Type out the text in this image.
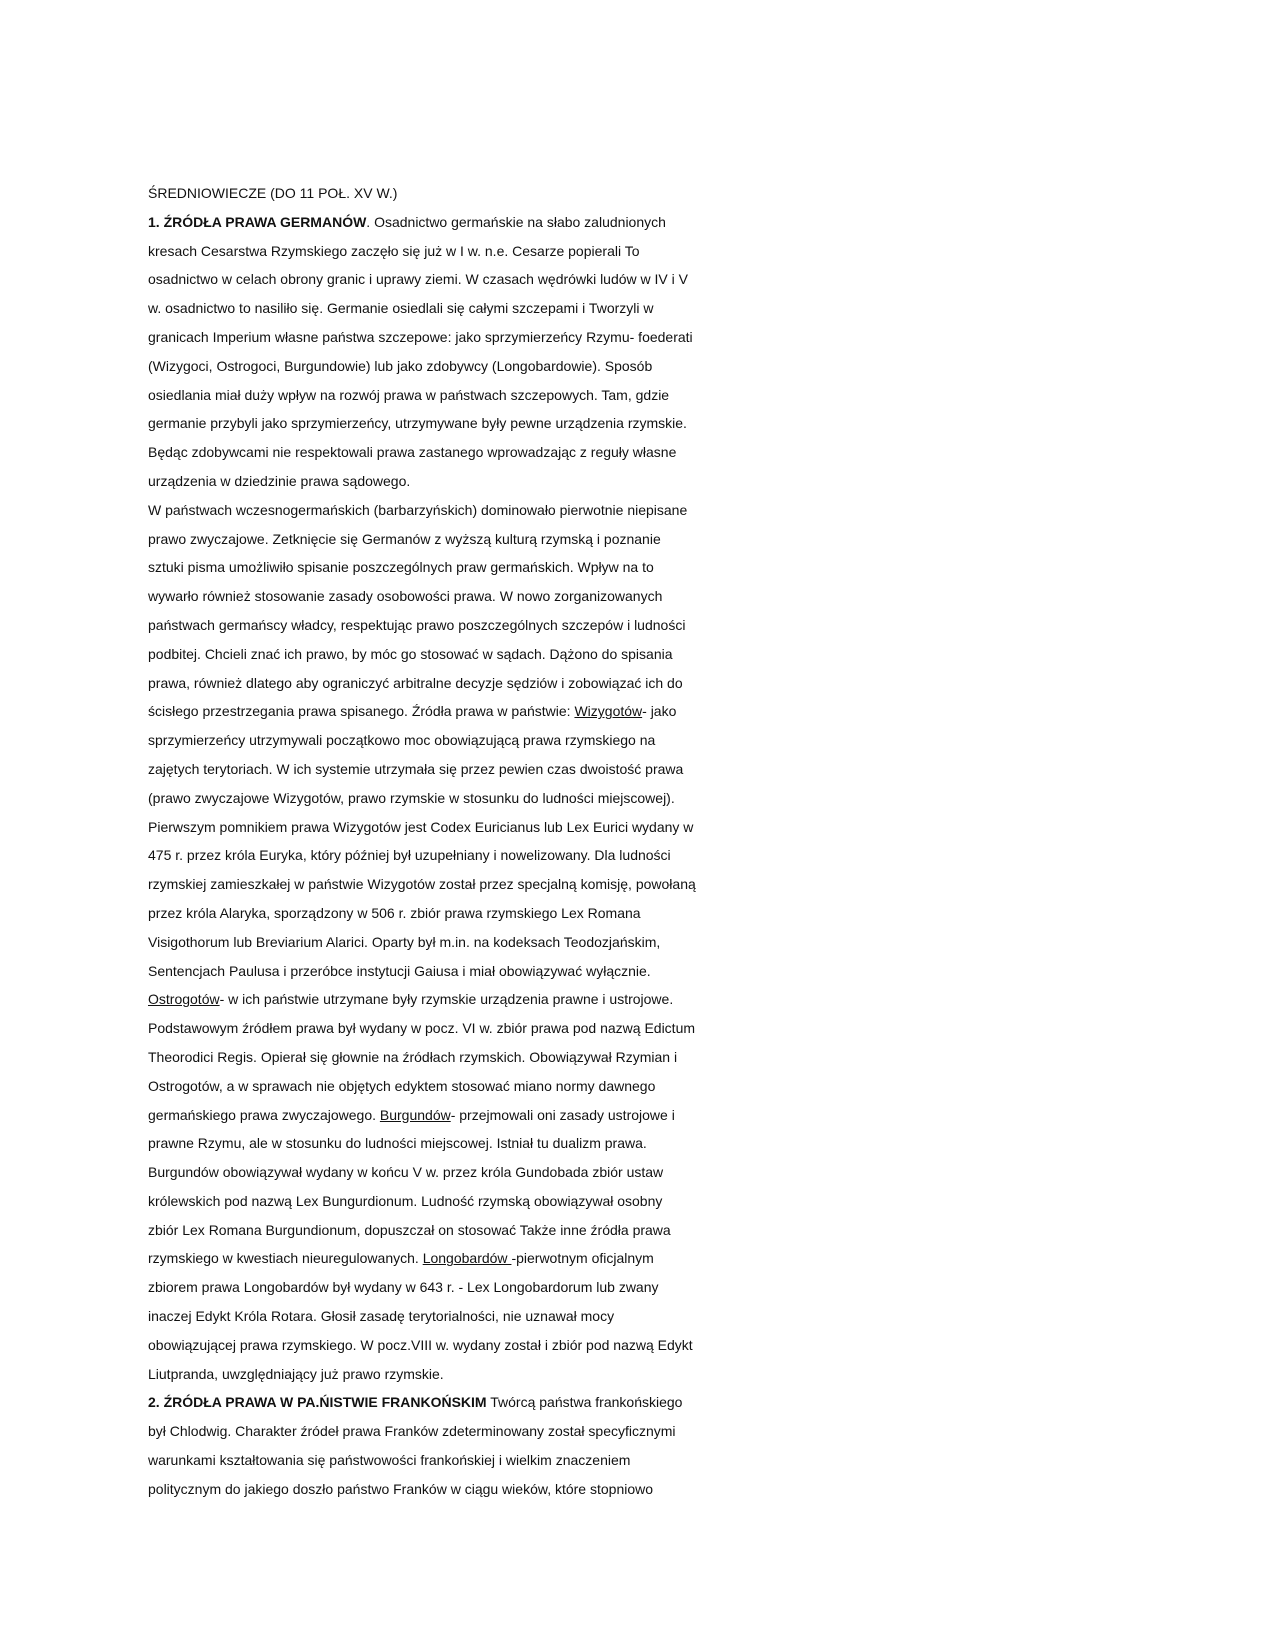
ŚREDNIOWIECZE (DO 11 POŁ. XV W.)
1. ŹRÓDŁA PRAWA GERMANÓW. Osadnictwo germańskie na słabo zaludnionych
kresach Cesarstwa Rzymskiego zaczęło się już w I w. n.e. Cesarze popierali To
osadnictwo w celach obrony granic i uprawy ziemi. W czasach wędrówki ludów w IV i V
w. osadnictwo to nasiliło się. Germanie osiedlali się całymi szczepami i Tworzyli w
granicach Imperium własne państwa szczepowe: jako sprzymierzeńcy Rzymu- foederati
(Wizygoci, Ostrogoci, Burgundowie) lub jako zdobywcy (Longobardowie). Sposób
osiedlania miał duży wpływ na rozwój prawa w państwach szczepowych. Tam, gdzie
germanie przybyli jako sprzymierzeńcy, utrzymywane były pewne urządzenia rzymskie.
Będąc zdobywcami nie respektowali prawa zastanego wprowadzając z reguły własne
urządzenia w dziedzinie prawa sądowego.
W państwach wczesnogermańskich (barbarzyńskich) dominowało pierwotnie niepisane
prawo zwyczajowe. Zetknięcie się Germanów z wyższą kulturą rzymską i poznanie
sztuki pisma umożliwiło spisanie poszczególnych praw germańskich. Wpływ na to
wywarło również stosowanie zasady osobowości prawa. W nowo zorganizowanych
państwach germańscy władcy, respektując prawo poszczególnych szczepów i ludności
podbitej. Chcieli znać ich prawo, by móc go stosować w sądach. Dążono do spisania
prawa, również dlatego aby ograniczyć arbitralne decyzje sędziów i zobowiązać ich do
ścisłego przestrzegania prawa spisanego. Źródła prawa w państwie: Wizygotów- jako
sprzymierzeńcy utrzymywali początkowo moc obowiązującą prawa rzymskiego na
zajętych terytoriach. W ich systemie utrzymała się przez pewien czas dwoistość prawa
(prawo zwyczajowe Wizygotów, prawo rzymskie w stosunku do ludności miejscowej).
Pierwszym pomnikiem prawa Wizygotów jest Codex Euricianus lub Lex Eurici wydany w
475 r. przez króla Euryka, który później był uzupełniany i nowelizowany. Dla ludności
rzymskiej zamieszkałej w państwie Wizygotów został przez specjalną komisję, powołaną
przez króla Alaryka, sporządzony w 506 r. zbiór prawa rzymskiego Lex Romana
Visigothorum lub Breviarium Alarici. Oparty był m.in. na kodeksach Teodozjańskim,
Sentencjach Paulusa i przeróbce instytucji Gaiusa i miał obowiązywać wyłącznie.
Ostrogotów- w ich państwie utrzymane były rzymskie urządzenia prawne i ustrojowe.
Podstawowym źródłem prawa był wydany w pocz. VI w. zbiór prawa pod nazwą Edictum
Theorodici Regis. Opierał się głownie na źródłach rzymskich. Obowiązywał Rzymian i
Ostrogotów, a w sprawach nie objętych edyktem stosować miano normy dawnego
germańskiego prawa zwyczajowego. Burgundów- przejmowali oni zasady ustrojowe i
prawne Rzymu, ale w stosunku do ludności miejscowej. Istniał tu dualizm prawa.
Burgundów obowiązywał wydany w końcu V w. przez króla Gundobada zbiór ustaw
królewskich pod nazwą Lex Bungurdionum. Ludność rzymską obowiązywał osobny
zbiór Lex Romana Burgundionum, dopuszczał on stosować Także inne źródła prawa
rzymskiego w kwestiach nieuregulowanych. Longobardów -pierwotnym oficjalnym
zbiorem prawa Longobardów był wydany w 643 r. - Lex Longobardorum lub zwany
inaczej Edykt Króla Rotara. Głosił zasadę terytorialności, nie uznawał mocy
obowiązującej prawa rzymskiego. W pocz.VIII w. wydany został i zbiór pod nazwą Edykt
Liutpranda, uwzględniający już prawo rzymskie.
2. ŹRÓDŁA PRAWA W PA.ŃISTWIE FRANKOŃSKIM Twórcą państwa frankońskiego
był Chlodwig. Charakter źródeł prawa Franków zdeterminowany został specyficznymi
warunkami kształtowania się państwowości frankońskiej i wielkim znaczeniem
politycznym do jakiego doszło państwo Franków w ciągu wieków, które stopniowo
